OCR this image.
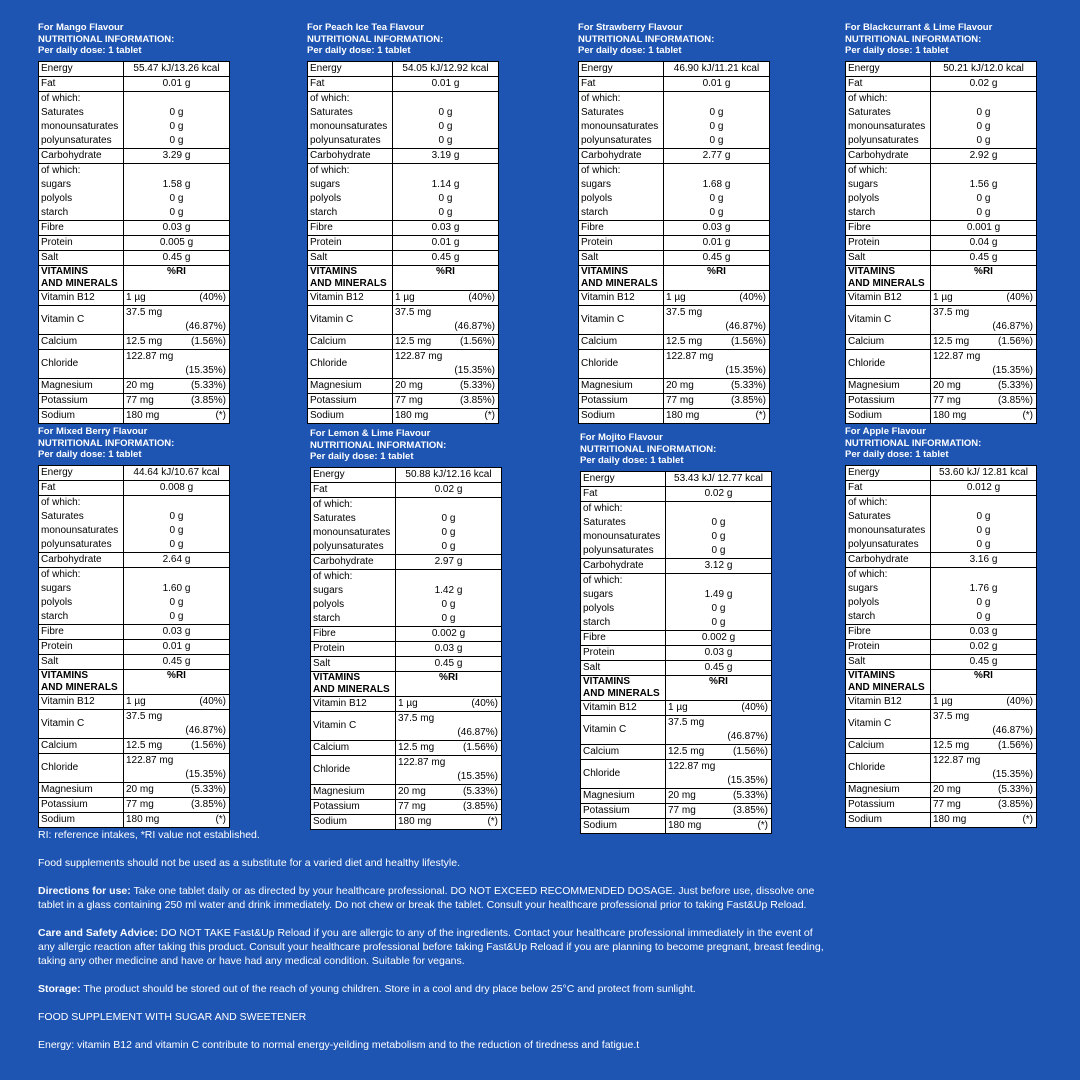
For Mango Flavour
NUTRITIONAL INFORMATION:
Per daily dose: 1 tablet
Energy	55.47 kJ/13.26 kcal
Fat	0.01 g
of which:	
Saturates	0 g
monounsaturates	0 g
polyunsaturates	0 g
Carbohydrate	3.29 g
of which:	
sugars	1.58 g
polyols	0 g
starch	0 g
Fibre	0.03 g
Protein	0.005 g
Salt	0.45 g

VITAMINS
AND MINERALS	%RI
Vitamin B12	1 µg (40%)

Vitamin C	37.5 mg
(46.87%)

Calcium	12.5 mg (1.56%)

Chloride	122.87 mg
(15.35%)

Magnesium	20 mg (5.33%)

Potassium	77 mg (3.85%)

Sodium	180 mg (*)
For Peach Ice Tea Flavour
NUTRITIONAL INFORMATION:
Per daily dose: 1 tablet
Energy	54.05 kJ/12.92 kcal
Fat	0.01 g
of which:	
Saturates	0 g
monounsaturates	0 g
polyunsaturates	0 g
Carbohydrate	3.19 g
of which:	
sugars	1.14 g
polyols	0 g
starch	0 g
Fibre	0.03 g
Protein	0.01 g
Salt	0.45 g

VITAMINS
AND MINERALS	%RI
Vitamin B12	1 µg (40%)

Vitamin C	37.5 mg
(46.87%)

Calcium	12.5 mg (1.56%)

Chloride	122.87 mg
(15.35%)

Magnesium	20 mg (5.33%)

Potassium	77 mg (3.85%)

Sodium	180 mg (*)
For Strawberry Flavour
NUTRITIONAL INFORMATION:
Per daily dose: 1 tablet
Energy	46.90 kJ/11.21 kcal
Fat	0.01 g
of which:	
Saturates	0 g
monounsaturates	0 g
polyunsaturates	0 g
Carbohydrate	2.77 g
of which:	
sugars	1.68 g
polyols	0 g
starch	0 g
Fibre	0.03 g
Protein	0.01 g
Salt	0.45 g

VITAMINS
AND MINERALS	%RI
Vitamin B12	1 µg (40%)

Vitamin C	37.5 mg
(46.87%)

Calcium	12.5 mg (1.56%)

Chloride	122.87 mg
(15.35%)

Magnesium	20 mg (5.33%)

Potassium	77 mg (3.85%)

Sodium	180 mg (*)
For Blackcurrant & Lime Flavour
NUTRITIONAL INFORMATION:
Per daily dose: 1 tablet
Energy	50.21 kJ/12.0 kcal
Fat	0.02 g
of which:	
Saturates	0 g
monounsaturates	0 g
polyunsaturates	0 g
Carbohydrate	2.92 g
of which:	
sugars	1.56 g
polyols	0 g
starch	0 g
Fibre	0.001 g
Protein	0.04 g
Salt	0.45 g

VITAMINS
AND MINERALS	%RI
Vitamin B12	1 µg (40%)

Vitamin C	37.5 mg
(46.87%)

Calcium	12.5 mg (1.56%)

Chloride	122.87 mg
(15.35%)

Magnesium	20 mg (5.33%)

Potassium	77 mg (3.85%)

Sodium	180 mg (*)
For Mixed Berry Flavour
NUTRITIONAL INFORMATION:
Per daily dose: 1 tablet
Energy	44.64 kJ/10.67 kcal
Fat	0.008 g
of which:	
Saturates	0 g
monounsaturates	0 g
polyunsaturates	0 g
Carbohydrate	2.64 g
of which:	
sugars	1.60 g
polyols	0 g
starch	0 g
Fibre	0.03 g
Protein	0.01 g
Salt	0.45 g

VITAMINS
AND MINERALS	%RI
Vitamin B12	1 µg (40%)

Vitamin C	37.5 mg
(46.87%)

Calcium	12.5 mg (1.56%)

Chloride	122.87 mg
(15.35%)

Magnesium	20 mg (5.33%)

Potassium	77 mg (3.85%)

Sodium	180 mg (*)
For Lemon & Lime Flavour
NUTRITIONAL INFORMATION:
Per daily dose: 1 tablet
Energy	50.88 kJ/12.16 kcal
Fat	0.02 g
of which:	
Saturates	0 g
monounsaturates	0 g
polyunsaturates	0 g
Carbohydrate	2.97 g
of which:	
sugars	1.42 g
polyols	0 g
starch	0 g
Fibre	0.002 g
Protein	0.03 g
Salt	0.45 g

VITAMINS
AND MINERALS	%RI
Vitamin B12	1 µg (40%)

Vitamin C	37.5 mg
(46.87%)

Calcium	12.5 mg (1.56%)

Chloride	122.87 mg
(15.35%)

Magnesium	20 mg (5.33%)

Potassium	77 mg (3.85%)

Sodium	180 mg (*)
For Mojito Flavour
NUTRITIONAL INFORMATION:
Per daily dose: 1 tablet
Energy	53.43 kJ/ 12.77 kcal
Fat	0.02 g
of which:	
Saturates	0 g
monounsaturates	0 g
polyunsaturates	0 g
Carbohydrate	3.12 g
of which:	
sugars	1.49 g
polyols	0 g
starch	0 g
Fibre	0.002 g
Protein	0.03 g
Salt	0.45 g

VITAMINS
AND MINERALS	%RI
Vitamin B12	1 µg (40%)

Vitamin C	37.5 mg
(46.87%)

Calcium	12.5 mg (1.56%)

Chloride	122.87 mg
(15.35%)

Magnesium	20 mg (5.33%)

Potassium	77 mg (3.85%)

Sodium	180 mg (*)
For Apple Flavour
NUTRITIONAL INFORMATION:
Per daily dose: 1 tablet
Energy	53.60 kJ/ 12.81 kcal
Fat	0.012 g
of which:	
Saturates	0 g
monounsaturates	0 g
polyunsaturates	0 g
Carbohydrate	3.16 g
of which:	
sugars	1.76 g
polyols	0 g
starch	0 g
Fibre	0.03 g
Protein	0.02 g
Salt	0.45 g

VITAMINS
AND MINERALS	%RI
Vitamin B12	1 µg (40%)

Vitamin C	37.5 mg
(46.87%)

Calcium	12.5 mg (1.56%)

Chloride	122.87 mg
(15.35%)

Magnesium	20 mg (5.33%)

Potassium	77 mg (3.85%)

Sodium	180 mg (*)

RI: reference intakes, *RI value not established.

Food supplements should not be used as a substitute for a varied diet and healthy lifestyle.

Directions for use: Take one tablet daily or as directed by your healthcare professional. DO NOT EXCEED RECOMMENDED DOSAGE. Just before use, dissolve one tablet in a glass containing 250 ml water and drink immediately. Do not chew or break the tablet. Consult your healthcare professional prior to taking Fast&Up Reload.

Care and Safety Advice: DO NOT TAKE Fast&Up Reload if you are allergic to any of the ingredients. Contact your healthcare professional immediately in the event of any allergic reaction after taking this product. Consult your healthcare professional before taking Fast&Up Reload if you are planning to become pregnant, breast feeding, taking any other medicine and have or have had any medical condition. Suitable for vegans.

Storage: The product should be stored out of the reach of young children. Store in a cool and dry place below 25°C and protect from sunlight.

FOOD SUPPLEMENT WITH SUGAR AND SWEETENER

Energy: vitamin B12 and vitamin C contribute to normal energy-yeilding metabolism and to the reduction of tiredness and fatigue.t
